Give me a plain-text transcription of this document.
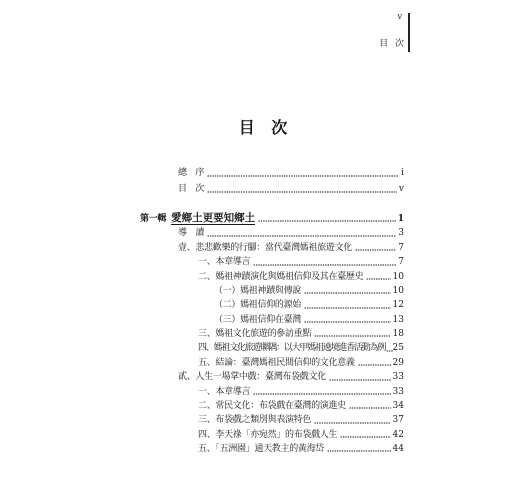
v
目 次
目 次
總　序	i
目　次	v
第一輯 愛鄉土更要知鄉土	1
導　讀	3
壹、悲悲歡樂的行腳：當代臺灣媽祖旅遊文化	7
一、本章導言	7
二、媽祖神蹟演化與媽祖信仰及其在臺歷史	10
（一）媽祖神蹟與傳說	10
（二）媽祖信仰的源始	12
（三）媽祖信仰在臺灣	13
三、媽祖文化旅遊的參訪重點	18
四、媽祖文化旅遊聯隅：以大甲媽祖遶境進香活動為例 25
五、結論：臺灣媽祖民間信仰的文化意義	29
貳、人生一場掌中戲：臺灣布袋戲文化	33
一、本章導言	33
二、常民文化：布袋戲在臺灣的演進史	34
三、布袋戲之類別與表演特色	37
四、李天祿「亦宛然」的布袋戲人生	42
五、「五洲園」通天教主的黃海岱	44
